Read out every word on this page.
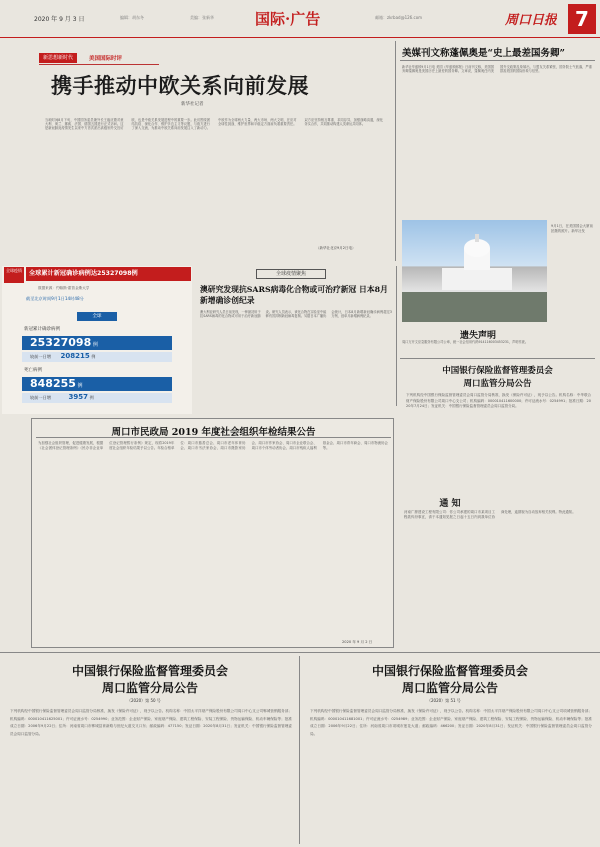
2020 年 9 月 3 日	编辑：胡东冬	美编：张新华	国际·广告	邮箱：zkrbad@126.com	周口日报 7
新思想新时代	美国国际时评
携手推动中欧关系向前发展
新华社记者
当地时间8月下旬，中国国务委员兼外长王毅应邀对意大利、荷兰、挪威、法国、德国五国进行正式访问。这是新冠肺炎疫情发生以来中方首次派出高级别外交官访欧，也是中欧关系发展进程中的重要一步。此访围绕团结抗疫、深化合作、维护多边主义等议题，与欧方进行了深入交流，为推动中欧关系向前发展注入了新动力。中欧作为全球两大力量、两大市场、两大文明，在应对全球性挑战、维护世界和平稳定方面肩负着重要责任。双方应坚持相互尊重、求同存异，加强战略沟通，深化务实合作，共同推动构建人类命运共同体。
（新华社北京9月2日电）
美媒刊文称蓬佩奥是“史上最差国务卿”
新华社华盛顿9月1日电 美国《华盛顿邮报》日前刊文称，美国国务卿蓬佩奥是美国历史上最差的国务卿。文章说，蓬佩奥任内美国外交政策乱象频出，与盟友关系紧张，国务院士气低落，严重损害美国的国际形象与信誉。
9月1日，在美国国会大厦前拍摄的照片。新华社发
全球疫情	全球累计新冠确诊病例达25327098例
数据来源：约翰斯·霍普金斯大学
截至北京时间9月1日14时48分
全球
新冠累计确诊病例
25327098 例
较前一日增 208215 例
死亡病例
848255 例
较前一日增	3957 例
全球疫情聚焦
澳研究发现抗SARS病毒化合物或可治疗新冠 日本8月新增确诊创纪录
澳大利亚研究人员日前发现，一种最初用于抗SARS病毒的化合物或可用于治疗新冠肺炎。研究人员表示，该化合物在实验室中能够有效抑制新冠病毒复制。另据日本广播协会统计，日本8月新增新冠确诊病例超过3万例，创单月新增病例纪录。
遗失声明
周口万开文应急服务有限公司公章，统一社会信用代码914116003453231，声明作废。
中国银行保险监督管理委员会
周口监管分局公告
下列机构经中国银行保险监督管理委员会周口监管分局核准，换发《保险许可证》，现予以公告。机构名称：中华联合财产保险股份有限公司周口中心支公司；机构编码：000010411600000；许可证流水号：0254991；批准日期：2020年7月24日；发证机关：中国银行保险监督管理委员会周口监管分局。
周口市民政局 2019 年度社会组织年检结果公告
为加强社会组织管理，促进健康发展，根据《社会团体登记管理条例》《民办非企业单位登记管理暂行条例》规定，现将2019年度社会组织年检结果予以公告。年检合格单位：周口市慈善总会、周口市老年体育协会、周口市书法家协会、周口市摄影家协会、周口市作家协会、周口市企业联合会、周口市个体劳动者协会、周口市残疾人福利基金会、周口市青年商会、周口市物流协会等。
2020 年 9 月 2 日
通 知
河南广厦建设工程有限公司：你公司承建的周口市某项目工程款纠纷事宜，请于本通知见报之日起十五日内到我单位协商处理，逾期视为自动放弃相关权利。特此通知。
中国银行保险监督管理委员会
周口监管分局公告
（2020）第 50 号
下列机构经中国银行保险监督管理委员会周口监管分局核准，换发《保险许可证》，现予以公告。机构名称：中国太平洋财产保险股份有限公司周口中心支公司郸城营销服务部；机构编码：000010411625001；许可证流水号：0254990；业务范围：企业财产保险、家庭财产保险、建筑工程保险、安装工程保险、货物运输保险、机动车辆保险等；批准成立日期：2006年9月22日；住所：河南省周口市郸城县育新路与世纪大道交叉口东；邮政编码：477150；发证日期：2020年8月31日；发证机关：中国银行保险监督管理委员会周口监管分局。
中国银行保险监督管理委员会
周口监管分局公告
（2020）第 51 号
下列机构经中国银行保险监督管理委员会周口监管分局核准，换发《保险许可证》，现予以公告。机构名称：中国太平洋财产保险股份有限公司周口中心支公司项城营销服务部；机构编码：000010411681001；许可证流水号：0254989；业务范围：企业财产保险、家庭财产保险、建筑工程保险、安装工程保险、货物运输保险、机动车辆保险等；批准成立日期：2006年9月22日；住所：河南省周口市项城市莲花大道；邮政编码：466200；发证日期：2020年8月31日；发证机关：中国银行保险监督管理委员会周口监管分局。
